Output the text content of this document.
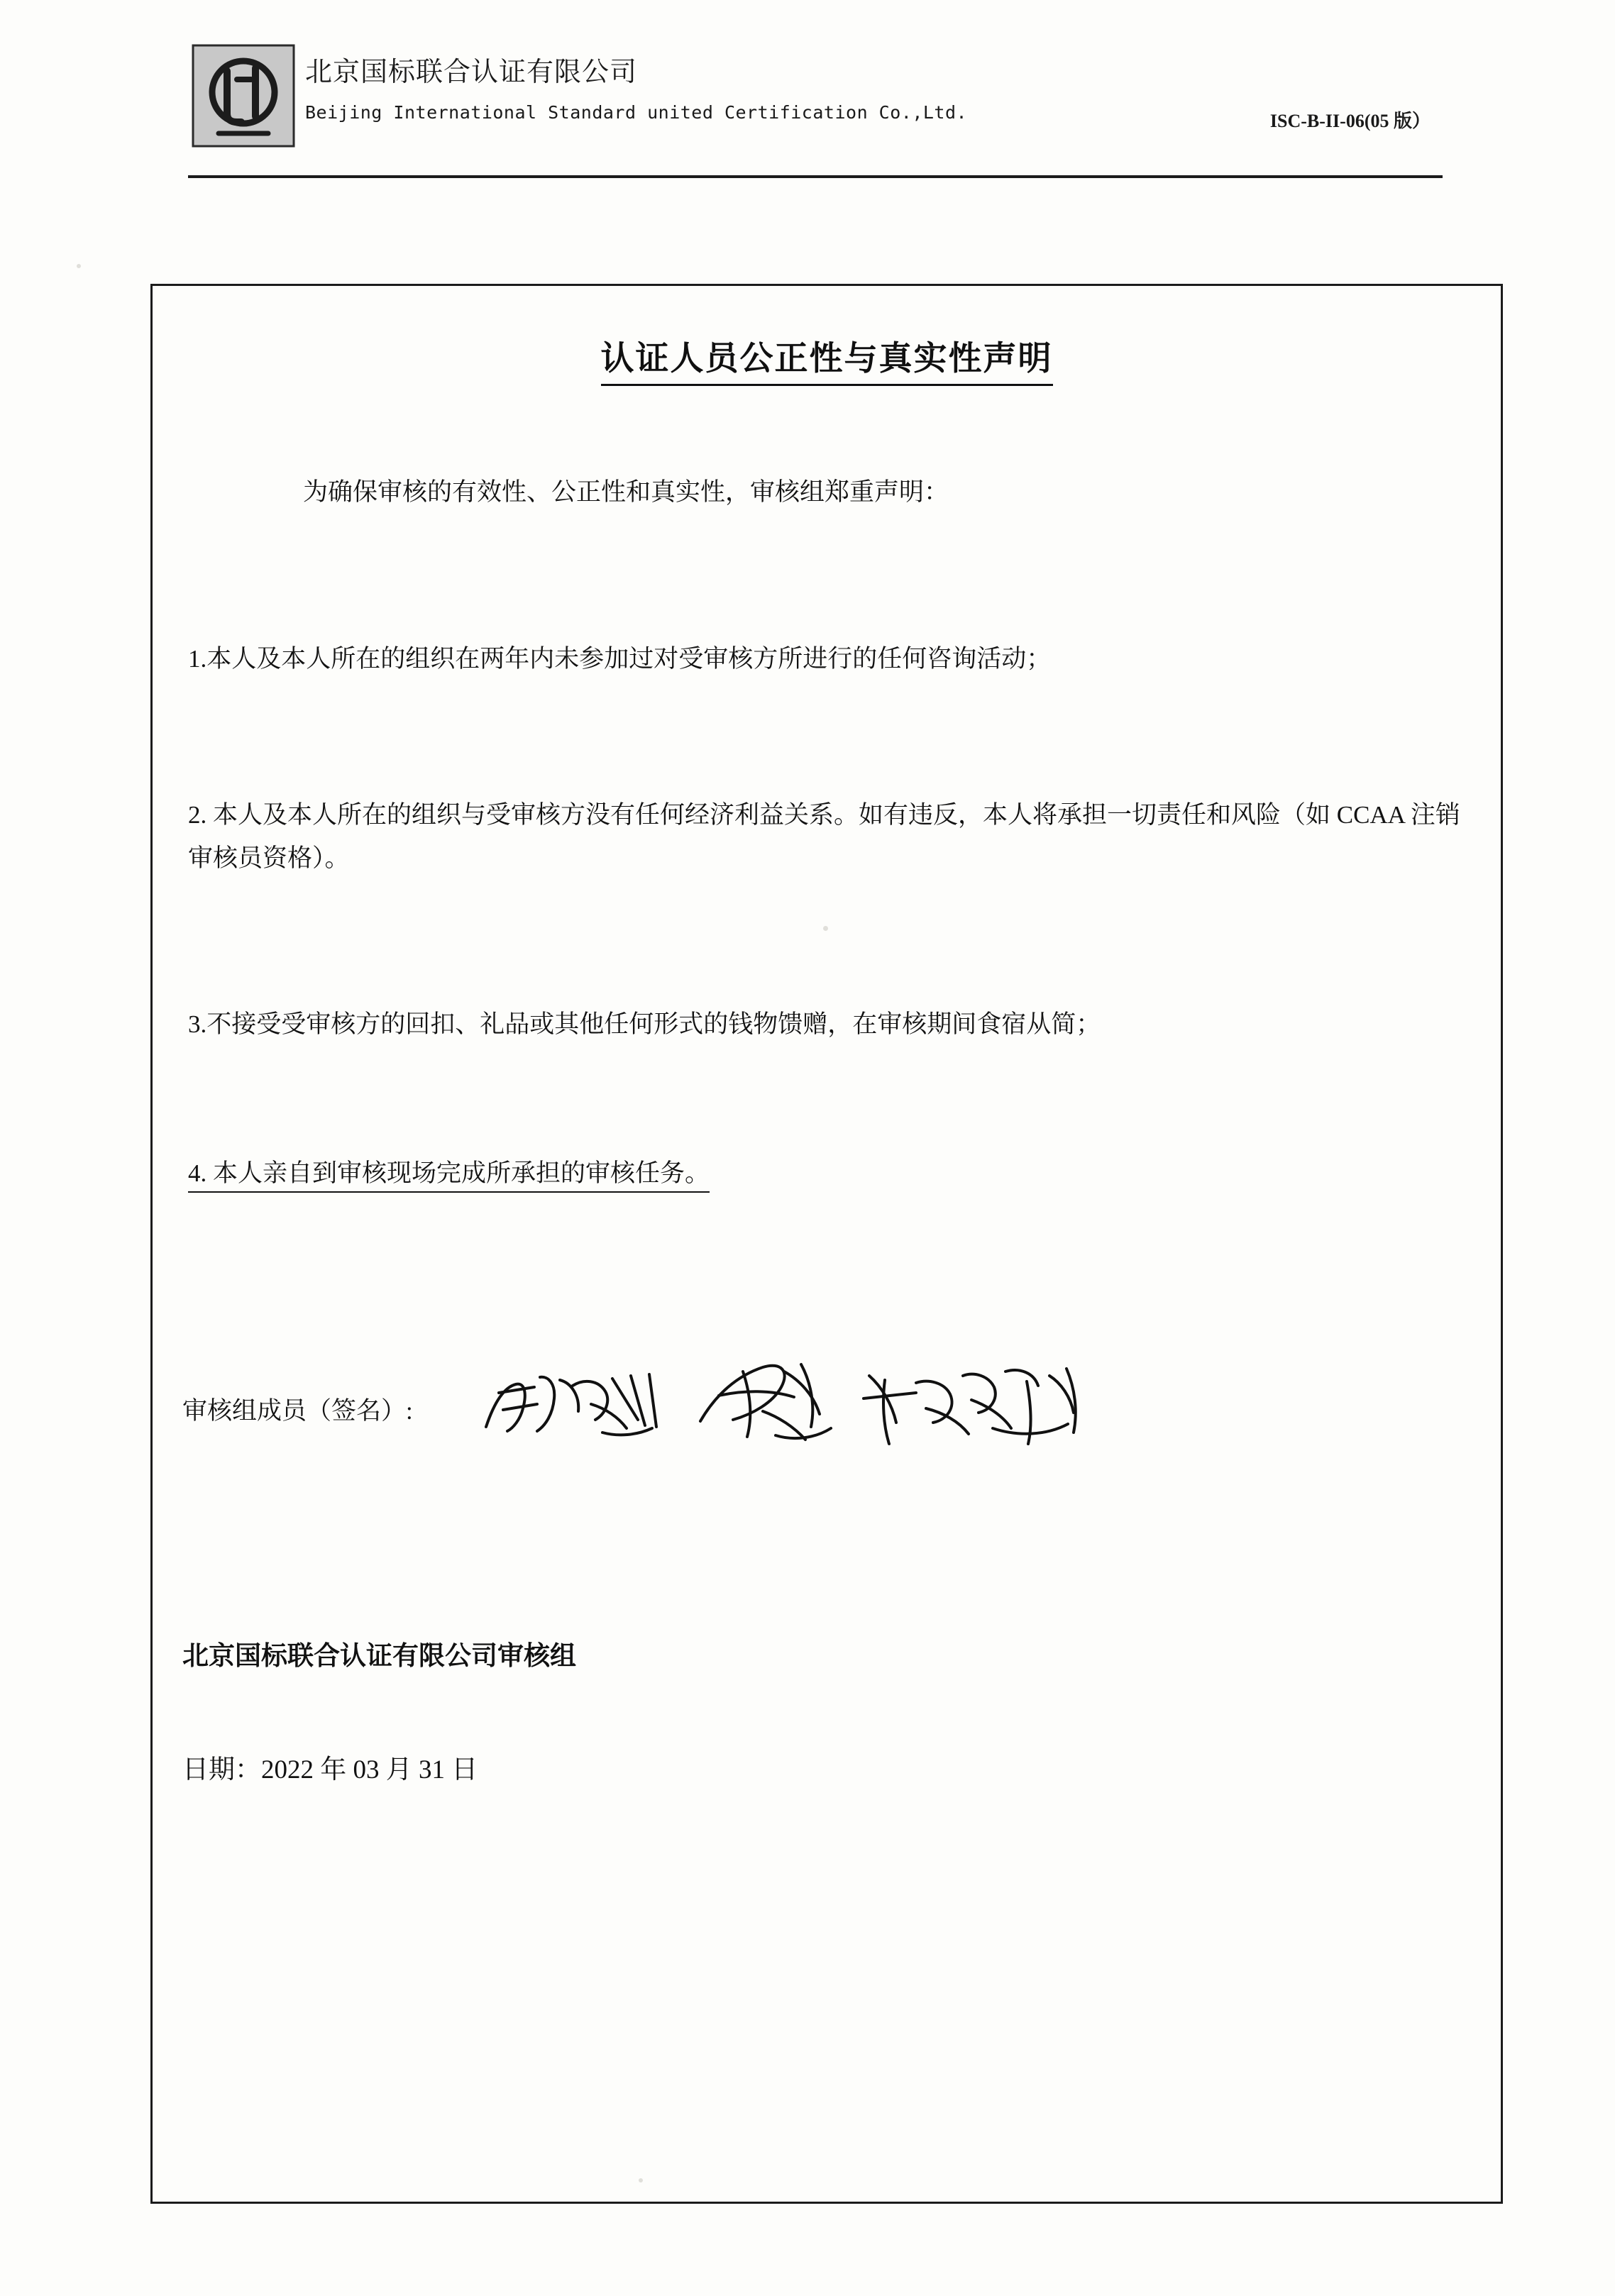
北京国标联合认证有限公司
Beijing International Standard united Certification Co.,Ltd.	ISC-B-II-06(05 版）
认证人员公正性与真实性声明
为确保审核的有效性、公正性和真实性，审核组郑重声明：
1.本人及本人所在的组织在两年内未参加过对受审核方所进行的任何咨询活动；
2. 本人及本人所在的组织与受审核方没有任何经济利益关系。如有违反，本人将承担一切责任和风险（如 CCAA 注销审核员资格）。
3.不接受受审核方的回扣、礼品或其他任何形式的钱物馈赠，在审核期间食宿从简；
4. 本人亲自到审核现场完成所承担的审核任务。
审核组成员（签名）:
北京国标联合认证有限公司审核组
日期：2022 年 03 月 31 日
